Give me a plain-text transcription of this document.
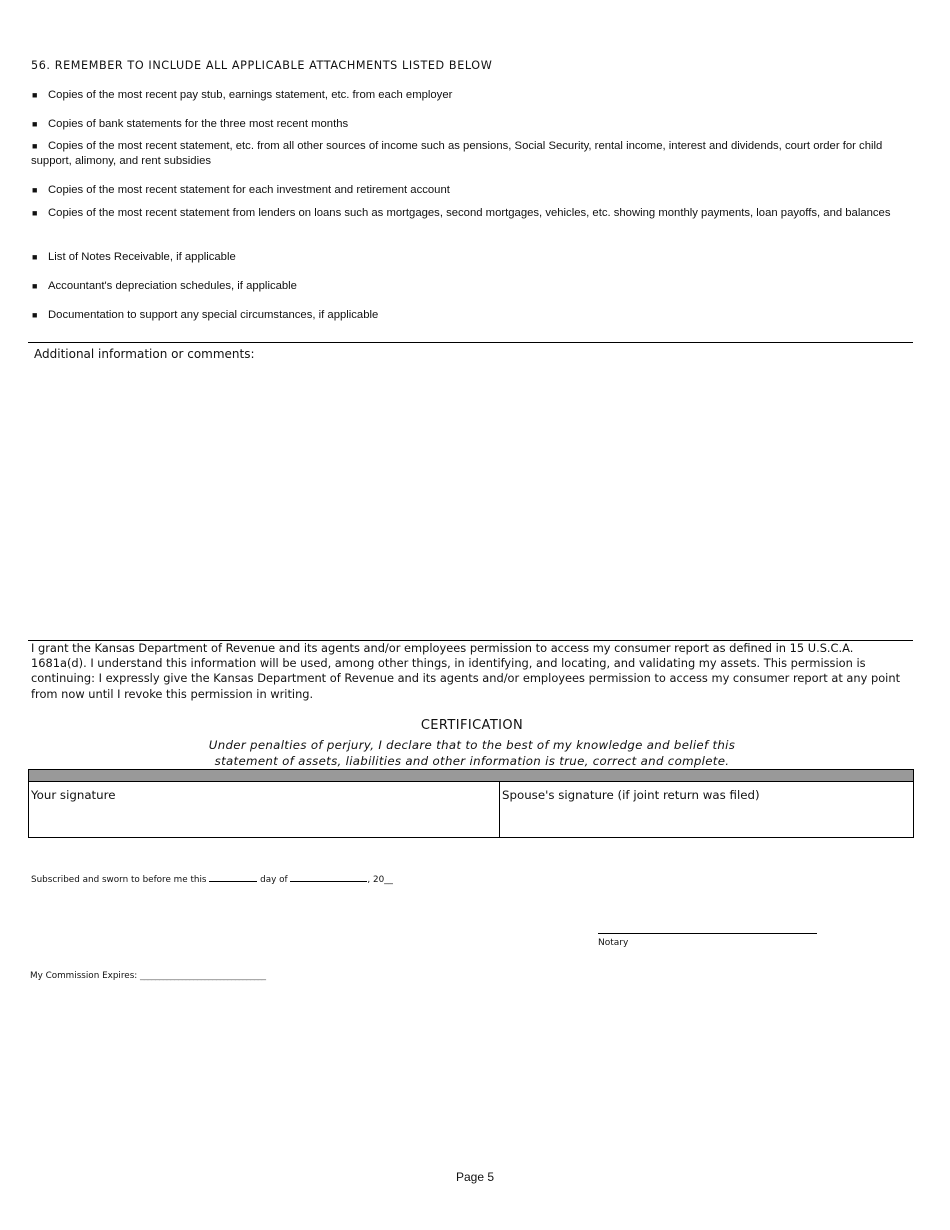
56. REMEMBER TO INCLUDE ALL APPLICABLE ATTACHMENTS LISTED BELOW
■ Copies of the most recent pay stub, earnings statement, etc. from each employer
■ Copies of bank statements for the three most recent months
■ Copies of the most recent statement, etc. from all other sources of income such as pensions, Social Security, rental income, interest and dividends, court order for child support, alimony, and rent subsidies
■ Copies of the most recent statement for each investment and retirement account
■ Copies of the most recent statement from lenders on loans such as mortgages, second mortgages, vehicles, etc. showing monthly payments, loan payoffs, and balances
■ List of Notes Receivable, if applicable
■ Accountant's depreciation schedules, if applicable
■ Documentation to support any special circumstances, if applicable
Additional information or comments:
I grant the Kansas Department of Revenue and its agents and/or employees permission to access my consumer report as defined in 15 U.S.C.A. 1681a(d). I understand this information will be used, among other things, in identifying, and locating, and validating my assets. This permission is continuing: I expressly give the Kansas Department of Revenue and its agents and/or employees permission to access my consumer report at any point from now until I revoke this permission in writing.
CERTIFICATION
Under penalties of perjury, I declare that to the best of my knowledge and belief this
statement of assets, liabilities and other information is true, correct and complete.
Your signature	Spouse's signature (if joint return was filed)
Subscribed and sworn to before me this	day of	, 20__
Notary
My Commission Expires: _________________________________
Page 5
